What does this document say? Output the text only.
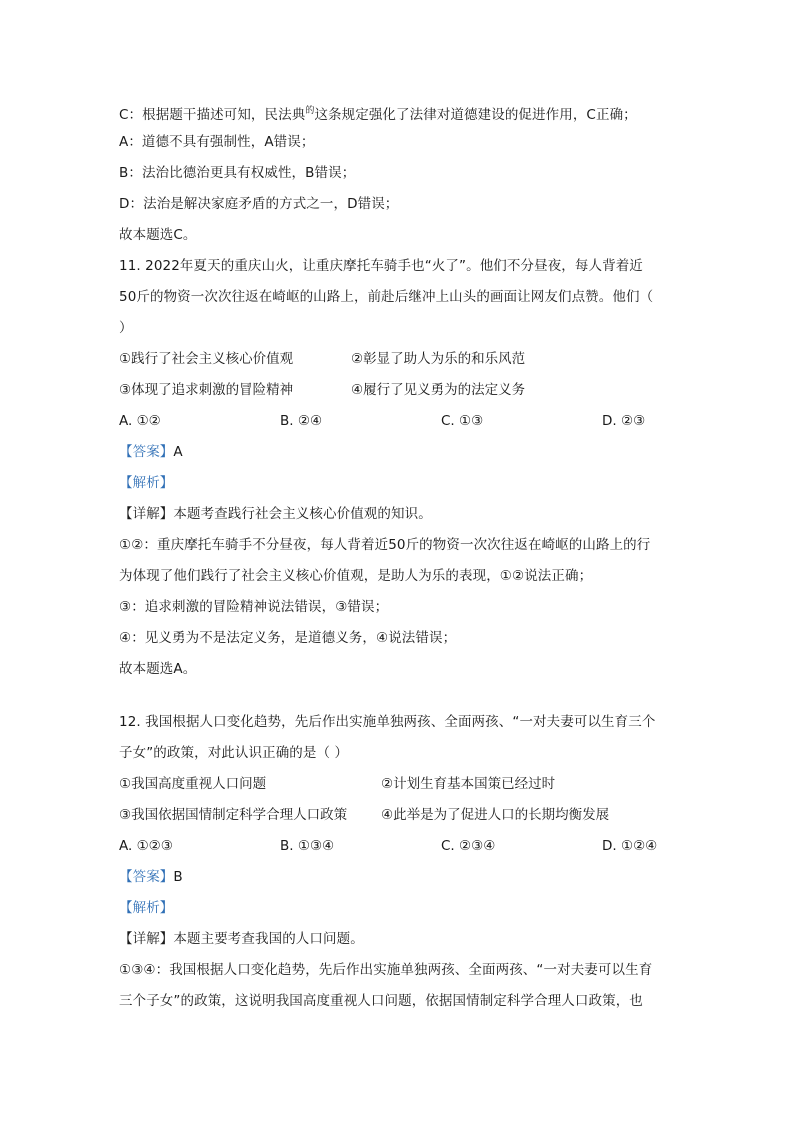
C：根据题干描述可知，民法典$^的$这条规定强化了法律对道德建设的促进作用，C正确；
A：道德不具有强制性，A错误；
B：法治比德治更具有权威性，B错误；
D：法治是解决家庭矛盾的方式之一，D错误；
故本题选C。
11. 2022年夏天的重庆山火，让重庆摩托车骑手也“火了”。他们不分昼夜，每人背着近
50斤的物资一次次往返在崎岖的山路上，前赴后继冲上山头的画面让网友们点赞。他们（
）
①践行了社会主义核心价值观	②彰显了助人为乐的和乐风范
③体现了追求刺激的冒险精神	④履行了见义勇为的法定义务
A. ①②	B. ②④	C. ①③	D. ②③
【答案】A
【解析】
【详解】本题考查践行社会主义核心价值观的知识。
①②：重庆摩托车骑手不分昼夜，每人背着近50斤的物资一次次往返在崎岖的山路上的行
为体现了他们践行了社会主义核心价值观，是助人为乐的表现，①②说法正确；
③：追求刺激的冒险精神说法错误，③错误；
④：见义勇为不是法定义务，是道德义务，④说法错误；
故本题选A。
12. 我国根据人口变化趋势，先后作出实施单独两孩、全面两孩、“一对夫妻可以生育三个
子女”的政策，对此认识正确的是（ ）
①我国高度重视人口问题	②计划生育基本国策已经过时
③我国依据国情制定科学合理人口政策	④此举是为了促进人口的长期均衡发展
A. ①②③	B. ①③④	C. ②③④	D. ①②④
【答案】B
【解析】
【详解】本题主要考查我国的人口问题。
①③④：我国根据人口变化趋势，先后作出实施单独两孩、全面两孩、“一对夫妻可以生育
三个子女”的政策，这说明我国高度重视人口问题，依据国情制定科学合理人口政策，也
